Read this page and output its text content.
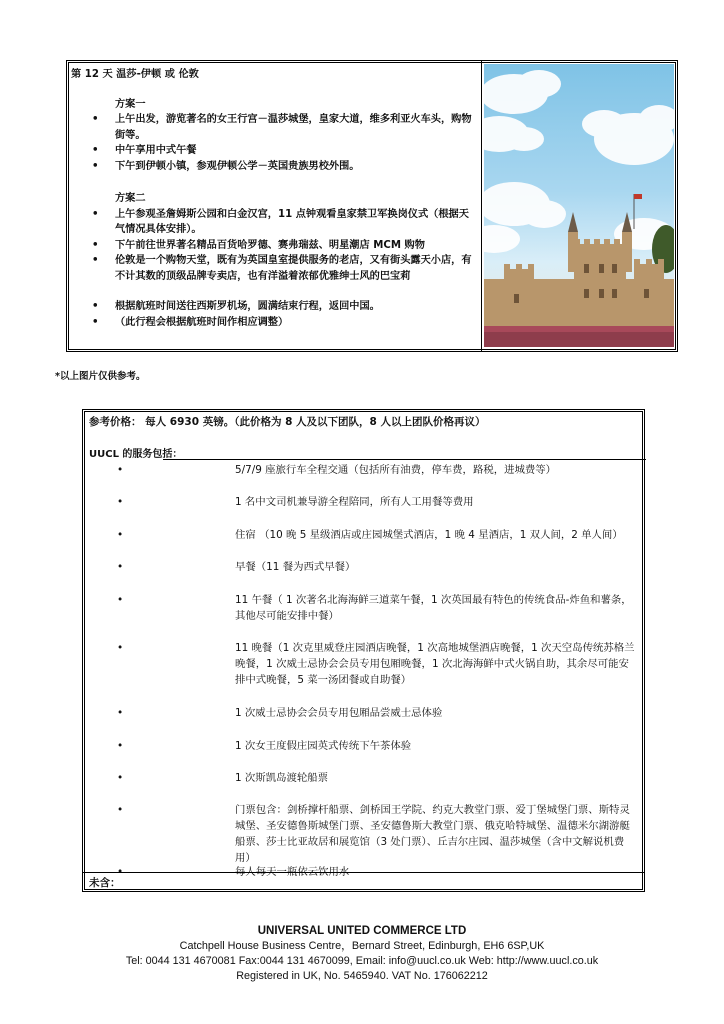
第 12 天 温莎-伊顿 或 伦敦
方案一
• 上午出发，游览著名的女王行宫－温莎城堡，皇家大道，维多利亚火车头，购物街等。
• 中午享用中式午餐
• 下午到伊顿小镇，参观伊顿公学－英国贵族男校外围。
方案二
• 上午参观圣詹姆斯公园和白金汉宫，11 点钟观看皇家禁卫军换岗仪式（根据天气情况具体安排）。
• 下午前往世界著名精品百货哈罗德、赛弗瑞兹、明星潮店 MCM 购物
• 伦敦是一个购物天堂，既有为英国皇室提供服务的老店，又有街头露天小店，有不计其数的顶级品牌专卖店，也有洋溢着浓郁优雅绅士风的巴宝莉
• 根据航班时间送往西斯罗机场，圆满结束行程，返回中国。
• （此行程会根据航班时间作相应调整）
*以上图片仅供参考。
参考价格： 每人 6930 英镑。（此价格为 8 人及以下团队，8 人以上团队价格再议）
UUCL 的服务包括：
•	5/7/9 座旅行车全程交通（包括所有油费，停车费，路税，进城费等）
•	1 名中文司机兼导游全程陪同，所有人工用餐等费用
•	住宿 （10 晚 5 星级酒店或庄园城堡式酒店，1 晚 4 星酒店，1 双人间，2 单人间）
•	早餐（11 餐为西式早餐）
•	11 午餐（ 1 次著名北海海鲜三道菜午餐，1 次英国最有特色的传统食品-炸鱼和薯条，其他尽可能安排中餐）
•	11 晚餐（1 次克里威登庄园酒店晚餐，1 次高地城堡酒店晚餐，1 次天空岛传统苏格兰晚餐，1 次威士忌协会会员专用包厢晚餐，1 次北海海鲜中式火锅自助，其余尽可能安排中式晚餐，5 菜一汤团餐或自助餐）
•	1 次威士忌协会会员专用包厢品尝威士忌体验
•	1 次女王度假庄园英式传统下午茶体验
•	1 次斯凯岛渡轮船票
•	门票包含：剑桥撑杆船票、剑桥国王学院、约克大教堂门票、爱丁堡城堡门票、斯特灵城堡、圣安德鲁斯城堡门票、圣安德鲁斯大教堂门票、俄克哈特城堡、温德米尔湖游艇船票、莎士比亚故居和展览馆（3 处门票）、丘吉尔庄园、温莎城堡（含中文解说机费用）
•	每人每天一瓶依云饮用水
未含：
UNIVERSAL UNITED COMMERCE LTD
Catchpell House Business Centre，Bernard Street, Edinburgh, EH6 6SP,UK
Tel: 0044 131 4670081 Fax:0044 131 4670099, Email: info@uucl.co.uk Web: http://www.uucl.co.uk
Registered in UK, No. 5465940. VAT No. 176062212
